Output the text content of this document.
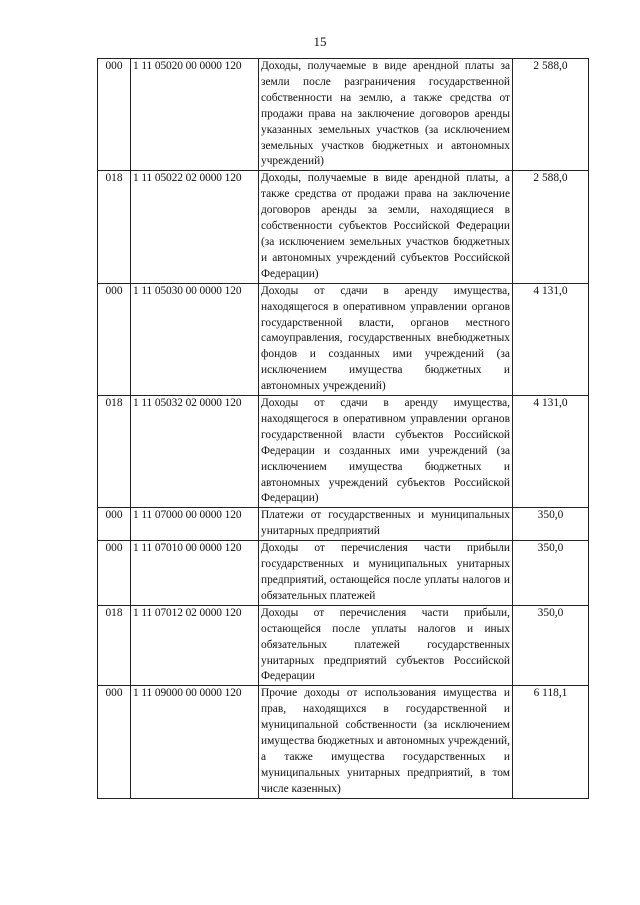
15
000	1 11 05020 00 0000 120	Доходы, получаемые в виде арендной платы за земли после разграничения государственной собственности на землю, а также средства от продажи права на заключение договоров аренды указанных земельных участков (за исключением земельных участков бюджетных и автономных учреждений)	2 588,0
018	1 11 05022 02 0000 120	Доходы, получаемые в виде арендной платы, а также средства от продажи права на заключение договоров аренды за земли, находящиеся в собственности субъектов Российской Федерации (за исключением земельных участков бюджетных и автономных учреждений субъектов Российской Федерации)	2 588,0
000	1 11 05030 00 0000 120	Доходы от сдачи в аренду имущества, находящегося в оперативном управлении органов государственной власти, органов местного самоуправления, государственных внебюджетных фондов и созданных ими учреждений (за исключением имущества бюджетных и автономных учреждений)	4 131,0
018	1 11 05032 02 0000 120	Доходы от сдачи в аренду имущества, находящегося в оперативном управлении органов государственной власти субъектов Российской Федерации и созданных ими учреждений (за исключением имущества бюджетных и автономных учреждений субъектов Российской Федерации)	4 131,0
000	1 11 07000 00 0000 120	Платежи от государственных и муниципальных унитарных предприятий	350,0
000	1 11 07010 00 0000 120	Доходы от перечисления части прибыли государственных и муниципальных унитарных предприятий, остающейся после уплаты налогов и обязательных платежей	350,0
018	1 11 07012 02 0000 120	Доходы от перечисления части прибыли, остающейся после уплаты налогов и иных обязательных платежей государственных унитарных предприятий субъектов Российской Федерации	350,0
000	1 11 09000 00 0000 120	Прочие доходы от использования имущества и прав, находящихся в государственной и муниципальной собственности (за исключением имущества бюджетных и автономных учреждений, а также имущества государственных и муниципальных унитарных предприятий, в том числе казенных)	6 118,1
